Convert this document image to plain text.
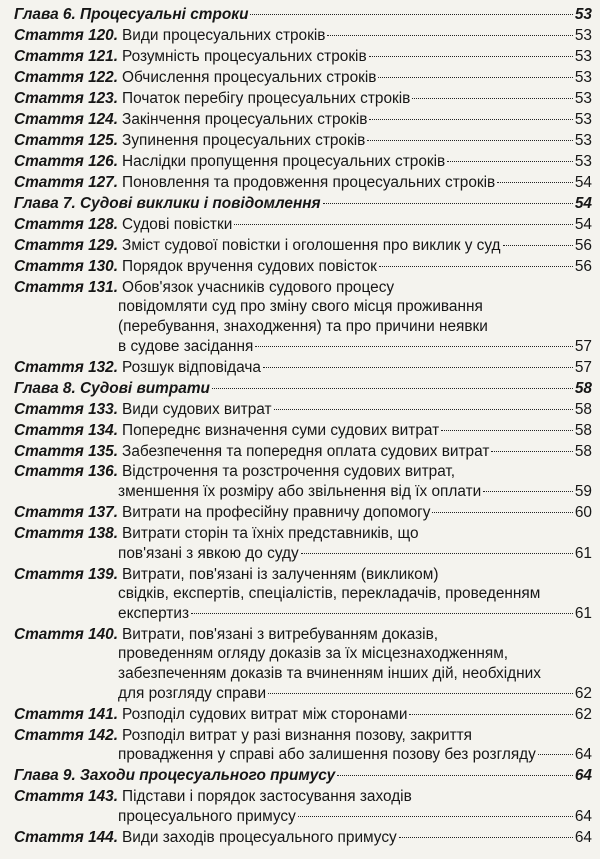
Глава 6. Процесуальні строки	53
Стаття 120. Види процесуальних строків	53
Стаття 121. Розумність процесуальних строків	53
Стаття 122. Обчислення процесуальних строків	53
Стаття 123. Початок перебігу процесуальних строків	53
Стаття 124. Закінчення процесуальних строків	53
Стаття 125. Зупинення процесуальних строків	53
Стаття 126. Наслідки пропущення процесуальних строків	53
Стаття 127. Поновлення та продовження процесуальних строків	54
Глава 7. Судові виклики і повідомлення	54
Стаття 128. Судові повістки	54
Стаття 129. Зміст судової повістки і оголошення про виклик у суд	56
Стаття 130. Порядок вручення судових повісток	56
Стаття 131. Обов'язок учасників судового процесу
повідомляти суд про зміну свого місця проживання
(перебування, знаходження) та про причини неявки
в судове засідання	57
Стаття 132. Розшук відповідача	57
Глава 8. Судові витрати	58
Стаття 133. Види судових витрат	58
Стаття 134. Попереднє визначення суми судових витрат	58
Стаття 135. Забезпечення та попередня оплата судових витрат	58
Стаття 136. Відстрочення та розстрочення судових витрат,
зменшення їх розміру або звільнення від їх оплати	59
Стаття 137. Витрати на професійну правничу допомогу	60
Стаття 138. Витрати сторін та їхніх представників, що
пов'язані з явкою до суду	61
Стаття 139. Витрати, пов'язані із залученням (викликом)
свідків, експертів, спеціалістів, перекладачів, проведенням
експертиз	61
Стаття 140. Витрати, пов'язані з витребуванням доказів,
проведенням огляду доказів за їх місцезнаходженням,
забезпеченням доказів та вчиненням інших дій, необхідних
для розгляду справи	62
Стаття 141. Розподіл судових витрат між сторонами	62
Стаття 142. Розподіл витрат у разі визнання позову, закриття
провадження у справі або залишення позову без розгляду	64
Глава 9. Заходи процесуального примусу	64
Стаття 143. Підстави і порядок застосування заходів
процесуального примусу	64
Стаття 144. Види заходів процесуального примусу	64
